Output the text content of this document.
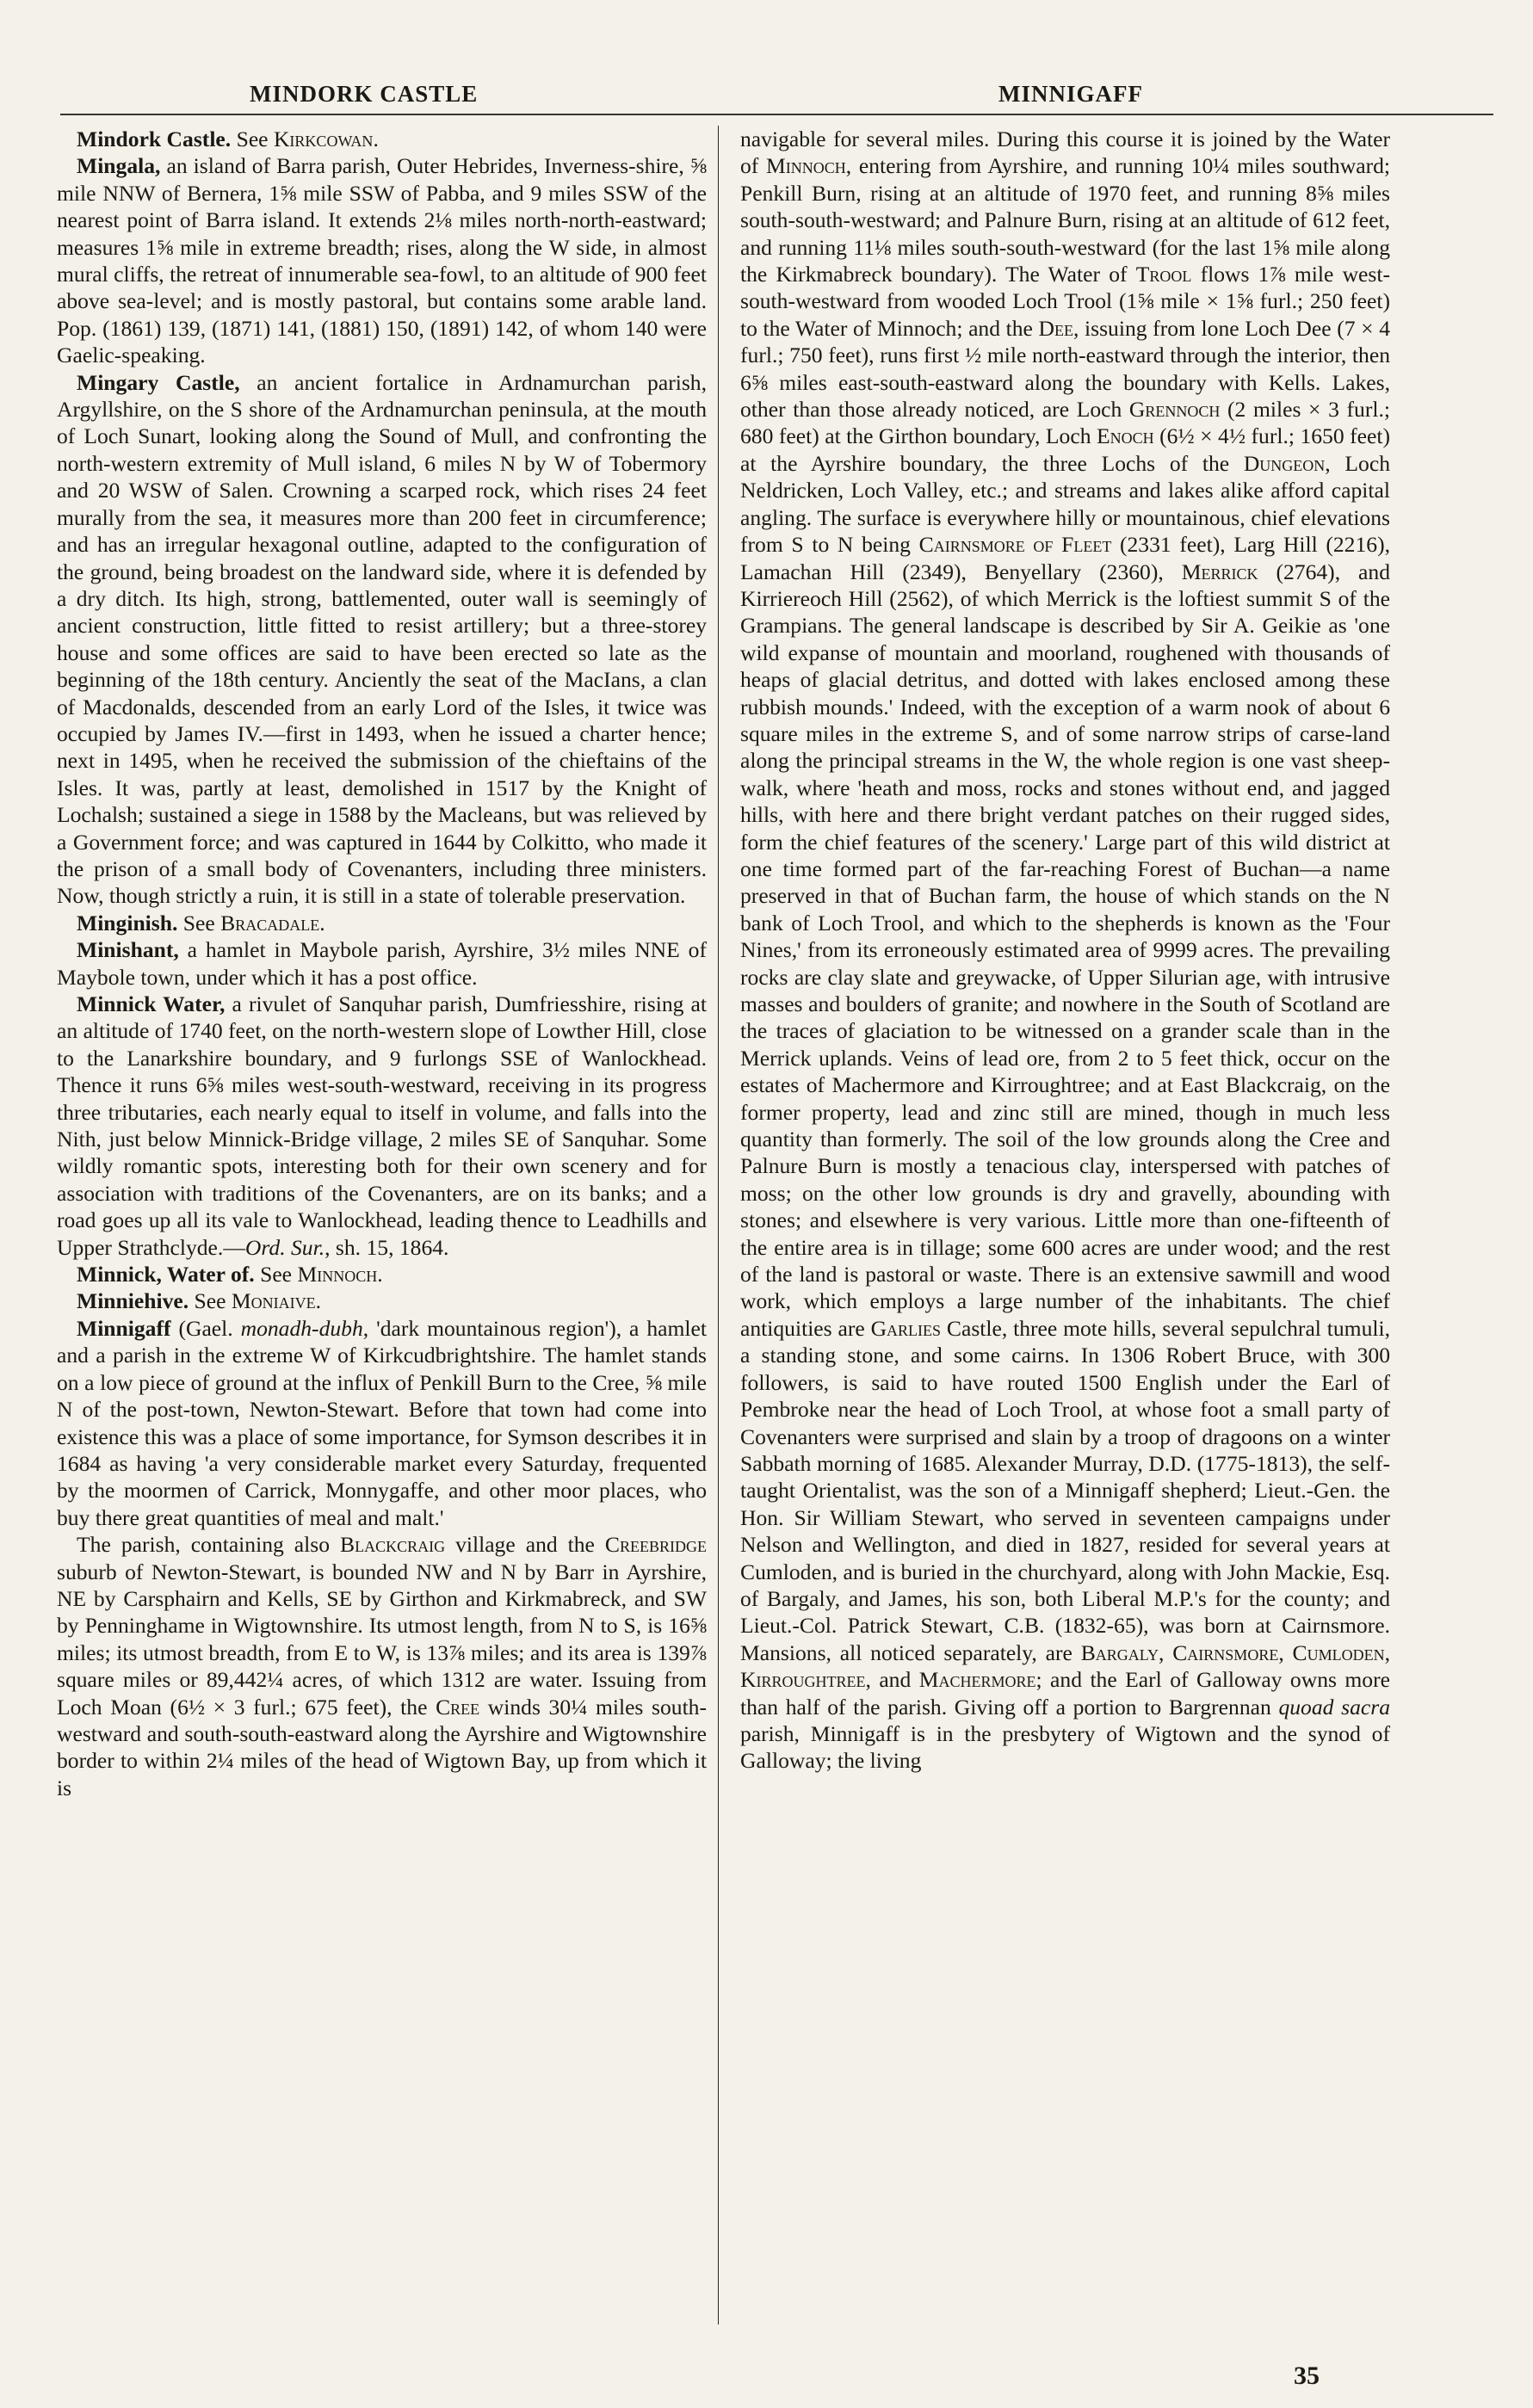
MINDORK CASTLE	MINNIGAFF

Mindork Castle. See Kirkcowan.

Mingala, an island of Barra parish, Outer Hebrides, Inverness-shire, ⅝ mile NNW of Bernera, 1⅝ mile SSW of Pabba, and 9 miles SSW of the nearest point of Barra island. It extends 2⅛ miles north-north-eastward; measures 1⅝ mile in extreme breadth; rises, along the W side, in almost mural cliffs, the retreat of innumerable sea-fowl, to an altitude of 900 feet above sea-level; and is mostly pastoral, but contains some arable land. Pop. (1861) 139, (1871) 141, (1881) 150, (1891) 142, of whom 140 were Gaelic-speaking.

Mingary Castle, an ancient fortalice in Ardnamurchan parish, Argyllshire, on the S shore of the Ardnamurchan peninsula, at the mouth of Loch Sunart, looking along the Sound of Mull, and confronting the north-western extremity of Mull island, 6 miles N by W of Tobermory and 20 WSW of Salen. Crowning a scarped rock, which rises 24 feet murally from the sea, it measures more than 200 feet in circumference; and has an irregular hexagonal outline, adapted to the configuration of the ground, being broadest on the landward side, where it is defended by a dry ditch. Its high, strong, battlemented, outer wall is seemingly of ancient construction, little fitted to resist artillery; but a three-storey house and some offices are said to have been erected so late as the beginning of the 18th century. Anciently the seat of the MacIans, a clan of Macdonalds, descended from an early Lord of the Isles, it twice was occupied by James IV.—first in 1493, when he issued a charter hence; next in 1495, when he received the submission of the chieftains of the Isles. It was, partly at least, demolished in 1517 by the Knight of Lochalsh; sustained a siege in 1588 by the Macleans, but was relieved by a Government force; and was captured in 1644 by Colkitto, who made it the prison of a small body of Covenanters, including three ministers. Now, though strictly a ruin, it is still in a state of tolerable preservation.

Minginish. See Bracadale.

Minishant, a hamlet in Maybole parish, Ayrshire, 3½ miles NNE of Maybole town, under which it has a post office.

Minnick Water, a rivulet of Sanquhar parish, Dumfriesshire, rising at an altitude of 1740 feet, on the north-western slope of Lowther Hill, close to the Lanarkshire boundary, and 9 furlongs SSE of Wanlockhead. Thence it runs 6⅝ miles west-south-westward, receiving in its progress three tributaries, each nearly equal to itself in volume, and falls into the Nith, just below Minnick-Bridge village, 2 miles SE of Sanquhar. Some wildly romantic spots, interesting both for their own scenery and for association with traditions of the Covenanters, are on its banks; and a road goes up all its vale to Wanlockhead, leading thence to Leadhills and Upper Strathclyde.—Ord. Sur., sh. 15, 1864.

Minnick, Water of. See Minnoch.

Minniehive. See Moniaive.

Minnigaff (Gael. monadh-dubh, 'dark mountainous region'), a hamlet and a parish in the extreme W of Kirkcudbrightshire. The hamlet stands on a low piece of ground at the influx of Penkill Burn to the Cree, ⅝ mile N of the post-town, Newton-Stewart. Before that town had come into existence this was a place of some importance, for Symson describes it in 1684 as having 'a very considerable market every Saturday, frequented by the moormen of Carrick, Monnygaffe, and other moor places, who buy there great quantities of meal and malt.'

The parish, containing also Blackcraig village and the Creebridge suburb of Newton-Stewart, is bounded NW and N by Barr in Ayrshire, NE by Carsphairn and Kells, SE by Girthon and Kirkmabreck, and SW by Penninghame in Wigtownshire. Its utmost length, from N to S, is 16⅝ miles; its utmost breadth, from E to W, is 13⅞ miles; and its area is 139⅞ square miles or 89,442¼ acres, of which 1312 are water. Issuing from Loch Moan (6½ × 3 furl.; 675 feet), the Cree winds 30¼ miles south-westward and south-south-eastward along the Ayrshire and Wigtownshire border to within 2¼ miles of the head of Wigtown Bay, up from which it is

navigable for several miles. During this course it is joined by the Water of Minnoch, entering from Ayrshire, and running 10¼ miles southward; Penkill Burn, rising at an altitude of 1970 feet, and running 8⅝ miles south-south-westward; and Palnure Burn, rising at an altitude of 612 feet, and running 11⅛ miles south-south-westward (for the last 1⅝ mile along the Kirkmabreck boundary). The Water of Trool flows 1⅞ mile west-south-westward from wooded Loch Trool (1⅝ mile × 1⅝ furl.; 250 feet) to the Water of Minnoch; and the Dee, issuing from lone Loch Dee (7 × 4 furl.; 750 feet), runs first ½ mile north-eastward through the interior, then 6⅝ miles east-south-eastward along the boundary with Kells. Lakes, other than those already noticed, are Loch Grennoch (2 miles × 3 furl.; 680 feet) at the Girthon boundary, Loch Enoch (6½ × 4½ furl.; 1650 feet) at the Ayrshire boundary, the three Lochs of the Dungeon, Loch Neldricken, Loch Valley, etc.; and streams and lakes alike afford capital angling. The surface is everywhere hilly or mountainous, chief elevations from S to N being Cairnsmore of Fleet (2331 feet), Larg Hill (2216), Lamachan Hill (2349), Benyellary (2360), Merrick (2764), and Kirriereoch Hill (2562), of which Merrick is the loftiest summit S of the Grampians. The general landscape is described by Sir A. Geikie as 'one wild expanse of mountain and moorland, roughened with thousands of heaps of glacial detritus, and dotted with lakes enclosed among these rubbish mounds.' Indeed, with the exception of a warm nook of about 6 square miles in the extreme S, and of some narrow strips of carse-land along the principal streams in the W, the whole region is one vast sheep-walk, where 'heath and moss, rocks and stones without end, and jagged hills, with here and there bright verdant patches on their rugged sides, form the chief features of the scenery.' Large part of this wild district at one time formed part of the far-reaching Forest of Buchan—a name preserved in that of Buchan farm, the house of which stands on the N bank of Loch Trool, and which to the shepherds is known as the 'Four Nines,' from its erroneously estimated area of 9999 acres. The prevailing rocks are clay slate and greywacke, of Upper Silurian age, with intrusive masses and boulders of granite; and nowhere in the South of Scotland are the traces of glaciation to be witnessed on a grander scale than in the Merrick uplands. Veins of lead ore, from 2 to 5 feet thick, occur on the estates of Machermore and Kirroughtree; and at East Blackcraig, on the former property, lead and zinc still are mined, though in much less quantity than formerly. The soil of the low grounds along the Cree and Palnure Burn is mostly a tenacious clay, interspersed with patches of moss; on the other low grounds is dry and gravelly, abounding with stones; and elsewhere is very various. Little more than one-fifteenth of the entire area is in tillage; some 600 acres are under wood; and the rest of the land is pastoral or waste. There is an extensive sawmill and wood work, which employs a large number of the inhabitants. The chief antiquities are Garlies Castle, three mote hills, several sepulchral tumuli, a standing stone, and some cairns. In 1306 Robert Bruce, with 300 followers, is said to have routed 1500 English under the Earl of Pembroke near the head of Loch Trool, at whose foot a small party of Covenanters were surprised and slain by a troop of dragoons on a winter Sabbath morning of 1685. Alexander Murray, D.D. (1775-1813), the self-taught Orientalist, was the son of a Minnigaff shepherd; Lieut.-Gen. the Hon. Sir William Stewart, who served in seventeen campaigns under Nelson and Wellington, and died in 1827, resided for several years at Cumloden, and is buried in the churchyard, along with John Mackie, Esq. of Bargaly, and James, his son, both Liberal M.P.'s for the county; and Lieut.-Col. Patrick Stewart, C.B. (1832-65), was born at Cairnsmore. Mansions, all noticed separately, are Bargaly, Cairnsmore, Cumloden, Kirroughtree, and Machermore; and the Earl of Galloway owns more than half of the parish. Giving off a portion to Bargrennan quoad sacra parish, Minnigaff is in the presbytery of Wigtown and the synod of Galloway; the living

35
